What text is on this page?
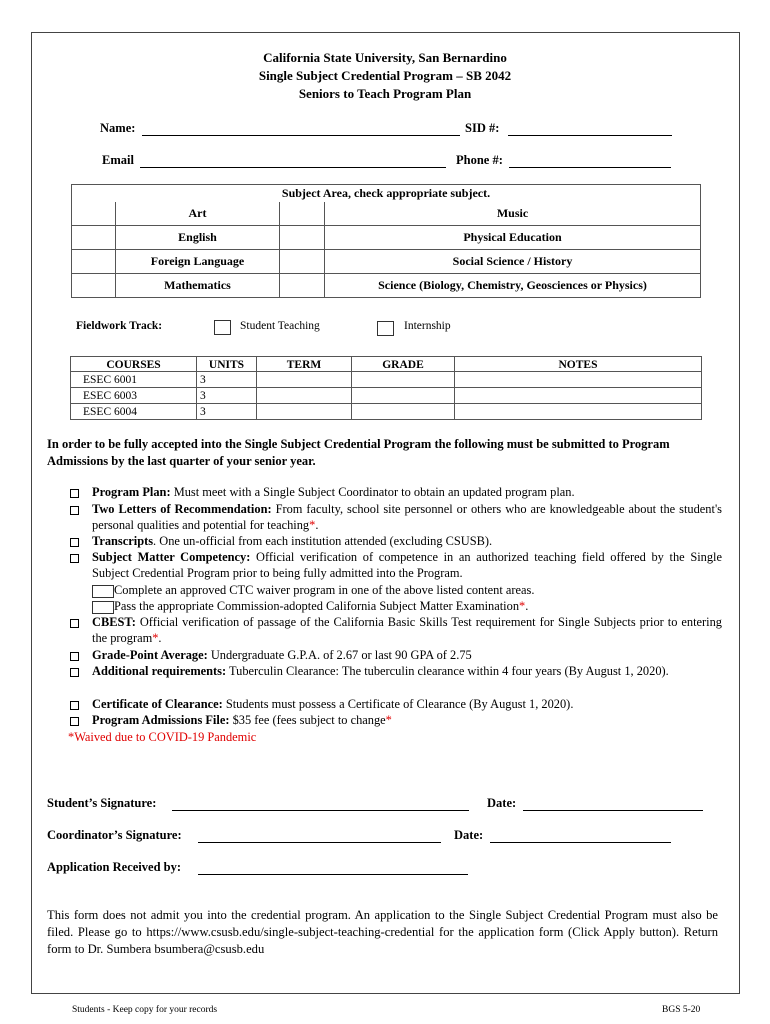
California State University, San Bernardino
Single Subject Credential Program – SB 2042
Seniors to Teach Program Plan
Name:	SID #:
Email	Phone #:
Subject Area, check appropriate subject.			
	Art		Music
	English		Physical Education
	Foreign Language		Social Science / History
	Mathematics		Science (Biology, Chemistry, Geosciences or Physics)
Fieldwork Track:	Student Teaching	Internship
COURSES	UNITS	TERM	GRADE	NOTES
ESEC 6001	3			
ESEC 6003	3			
ESEC 6004	3			
In order to be fully accepted into the Single Subject Credential Program the following must be submitted to Program Admissions by the last quarter of your senior year.
Program Plan: Must meet with a Single Subject Coordinator to obtain an updated program plan.
Two Letters of Recommendation: From faculty, school site personnel or others who are knowledgeable about the student's personal qualities and potential for teaching*.
Transcripts. One un-official from each institution attended (excluding CSUSB).
Subject Matter Competency: Official verification of competence in an authorized teaching field offered by the Single Subject Credential Program prior to being fully admitted into the Program.
Complete an approved CTC waiver program in one of the above listed content areas.
Pass the appropriate Commission-adopted California Subject Matter Examination*.
CBEST: Official verification of passage of the California Basic Skills Test requirement for Single Subjects prior to entering the program*.
Grade-Point Average: Undergraduate G.P.A. of 2.67 or last 90 GPA of 2.75
Additional requirements: Tuberculin Clearance: The tuberculin clearance within 4 four years (By August 1, 2020).
Certificate of Clearance: Students must possess a Certificate of Clearance (By August 1, 2020).
Program Admissions File: $35 fee (fees subject to change*
*Waived due to COVID-19 Pandemic
Student’s Signature:	Date:
Coordinator’s Signature:	Date:
Application Received by:
This form does not admit you into the credential program. An application to the Single Subject Credential Program must also be filed. Please go to https://www.csusb.edu/single-subject-teaching-credential for the application form (Click Apply button). Return form to Dr. Sumbera bsumbera@csusb.edu
Students - Keep copy for your records	BGS 5-20
